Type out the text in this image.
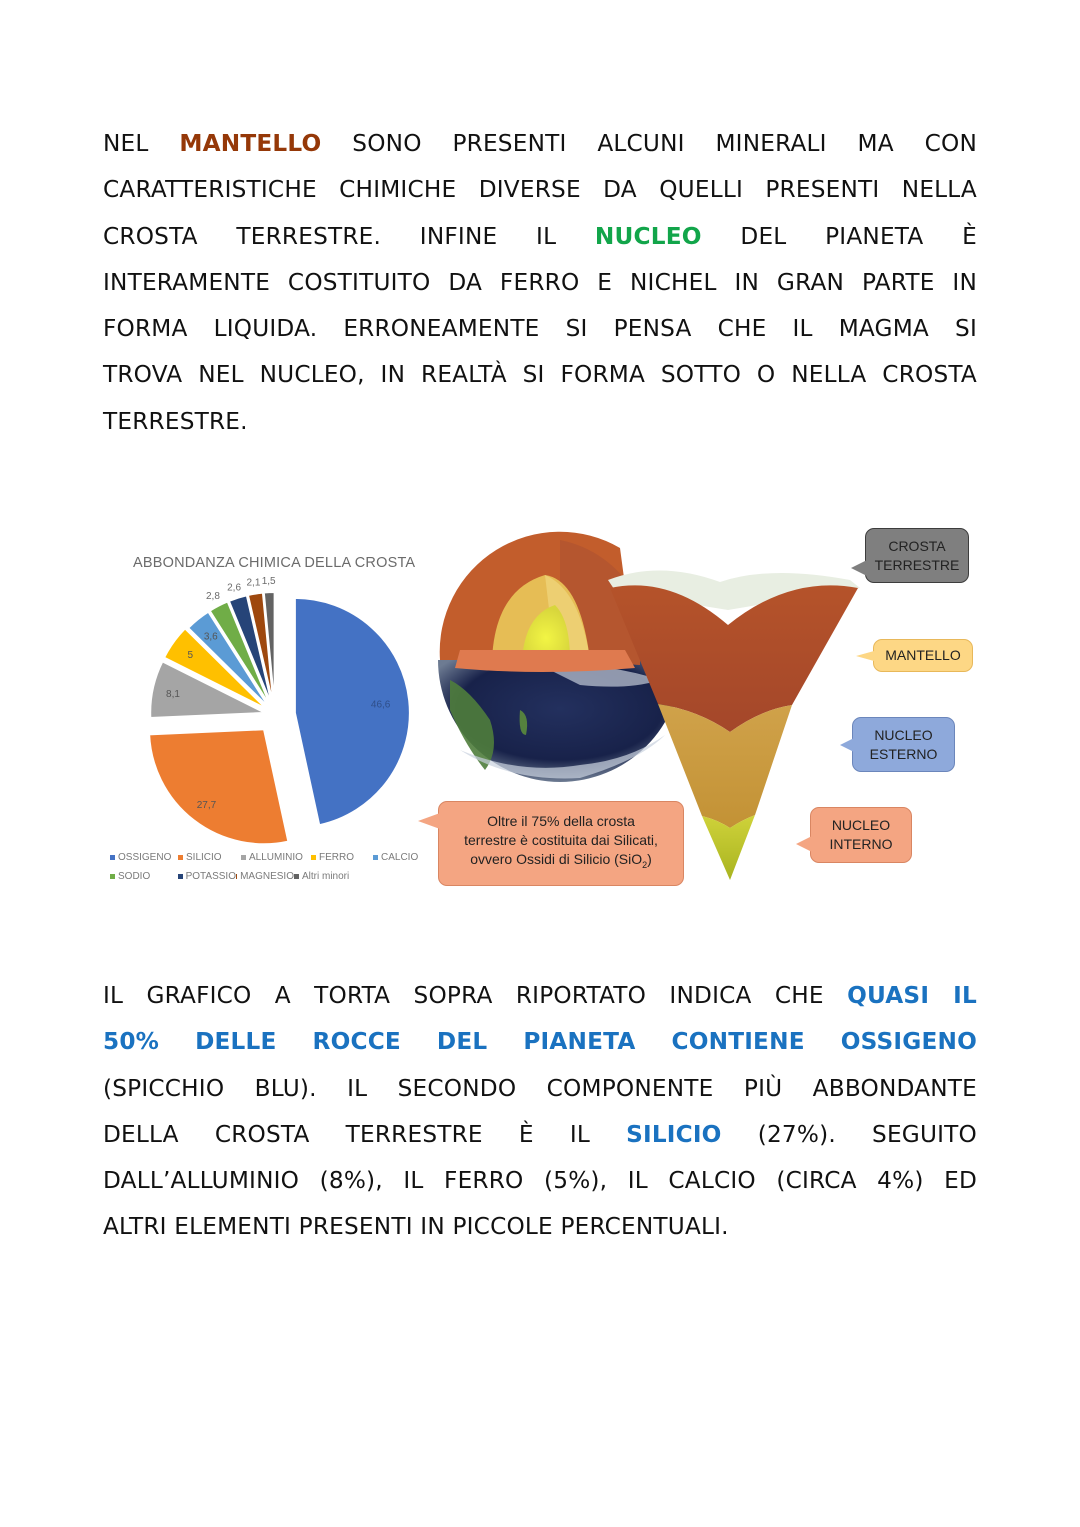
NEL MANTELLO SONO PRESENTI ALCUNI MINERALI MA CON
CARATTERISTICHE CHIMICHE DIVERSE DA QUELLI PRESENTI NELLA
CROSTA TERRESTRE. INFINE IL NUCLEO DEL PIANETA È
INTERAMENTE COSTITUITO DA FERRO E NICHEL IN GRAN PARTE IN
FORMA LIQUIDA. ERRONEAMENTE SI PENSA CHE IL MAGMA SI
TROVA NEL NUCLEO, IN REALTÀ SI FORMA SOTTO O NELLA CROSTA
TERRESTRE.
ABBONDANZA CHIMICA DELLA CROSTA
46,6
27,7
8,1
5
3,6
2,8
2,6 2,1 1,5
OSSIGENO SILICIO	ALLUMINIO FERRO	CALCIO
SODIO	POTASSIO MAGNESIO Altri minori
CROSTA
TERRESTRE
MANTELLO
NUCLEO
ESTERNO
NUCLEO
INTERNO
Oltre il 75% della crosta
terrestre è costituita dai Silicati,
ovvero Ossidi di Silicio (SiO$_2$)
IL GRAFICO A TORTA SOPRA RIPORTATO INDICA CHE QUASI IL
50% DELLE ROCCE DEL PIANETA CONTIENE OSSIGENO
(SPICCHIO BLU). IL SECONDO COMPONENTE PIÙ ABBONDANTE
DELLA CROSTA TERRESTRE È IL SILICIO (27%). SEGUITO
DALL’ALLUMINIO (8%), IL FERRO (5%), IL CALCIO (CIRCA 4%) ED
ALTRI ELEMENTI PRESENTI IN PICCOLE PERCENTUALI.
